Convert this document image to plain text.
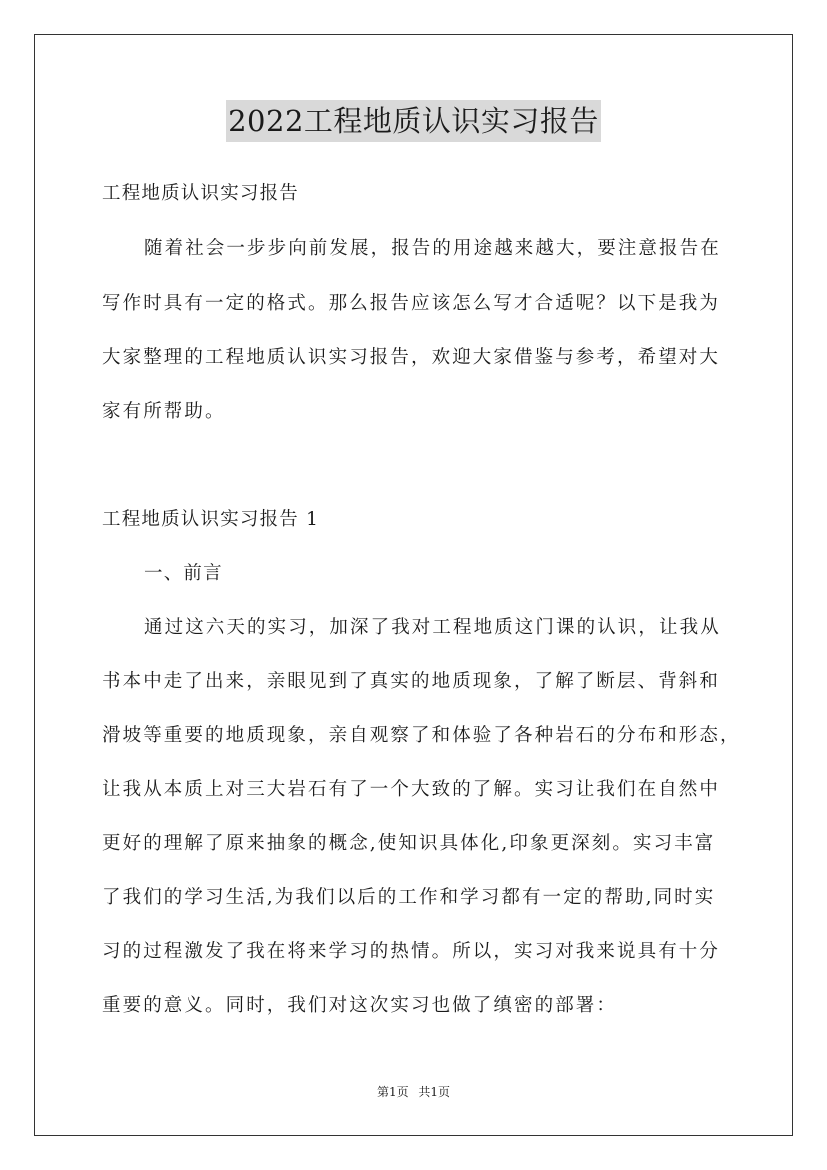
2022工程地质认识实习报告
工程地质认识实习报告
随着社会一步步向前发展，报告的用途越来越大，要注意报告在
写作时具有一定的格式。那么报告应该怎么写才合适呢？以下是我为
大家整理的工程地质认识实习报告，欢迎大家借鉴与参考，希望对大
家有所帮助。
工程地质认识实习报告 1
一、前言
通过这六天的实习，加深了我对工程地质这门课的认识，让我从
书本中走了出来，亲眼见到了真实的地质现象，了解了断层、背斜和
滑坡等重要的地质现象，亲自观察了和体验了各种岩石的分布和形态，
让我从本质上对三大岩石有了一个大致的了解。实习让我们在自然中
更好的理解了原来抽象的概念,使知识具体化,印象更深刻。实习丰富
了我们的学习生活,为我们以后的工作和学习都有一定的帮助,同时实
习的过程激发了我在将来学习的热情。所以，实习对我来说具有十分
重要的意义。同时，我们对这次实习也做了缜密的部署：
第1页 共1页
